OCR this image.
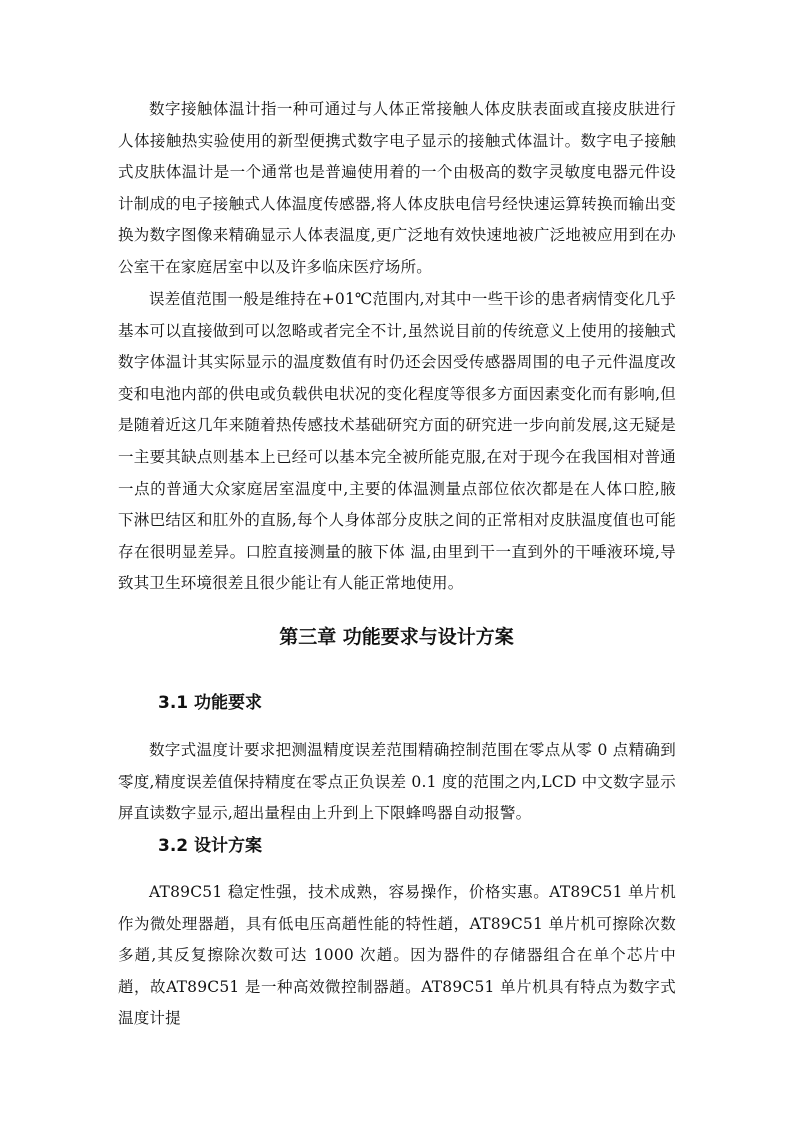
数字接触体温计指一种可通过与人体正常接触人体皮肤表面或直接皮肤进行人体接触热实验使用的新型便携式数字电子显示的接触式体温计。数字电子接触式皮肤体温计是一个通常也是普遍使用着的一个由极高的数字灵敏度电器元件设计制成的电子接触式人体温度传感器,将人体皮肤电信号经快速运算转换而输出变换为数字图像来精确显示人体表温度,更广泛地有效快速地被广泛地被应用到在办公室干在家庭居室中以及许多临床医疗场所。

误差值范围一般是维持在+01℃范围内,对其中一些干诊的患者病情变化几乎基本可以直接做到可以忽略或者完全不计,虽然说目前的传统意义上使用的接触式数字体温计其实际显示的温度数值有时仍还会因受传感器周围的电子元件温度改变和电池内部的供电或负载供电状况的变化程度等很多方面因素变化而有影响,但是随着近这几年来随着热传感技术基础研究方面的研究进一步向前发展,这无疑是一主要其缺点则基本上已经可以基本完全被所能克服,在对于现今在我国相对普通一点的普通大众家庭居室温度中,主要的体温测量点部位依次都是在人体口腔,腋下淋巴结区和肛外的直肠,每个人身体部分皮肤之间的正常相对皮肤温度值也可能存在很明显差异。口腔直接测量的腋下体 温,由里到干一直到外的干唾液环境,导致其卫生环境很差且很少能让有人能正常地使用。

第三章 功能要求与设计方案
3.1 功能要求

数字式温度计要求把测温精度误差范围精确控制范围在零点从零 0 点精确到零度,精度误差值保持精度在零点正负误差 0.1 度的范围之内,LCD 中文数字显示屏直读数字显示,超出量程由上升到上下限蜂鸣器自动报警。

3.2 设计方案

AT89C51 稳定性强，技术成熟，容易操作，价格实惠。AT89C51 单片机作为微处理器趙，具有低电压高趙性能的特性趙，AT89C51 单片机可擦除次数多趙,其反复擦除次数可达 1000 次趙。因为器件的存储器组合在单个芯片中趙，故AT89C51 是一种高效微控制器趙。AT89C51 单片机具有特点为数字式温度计提
